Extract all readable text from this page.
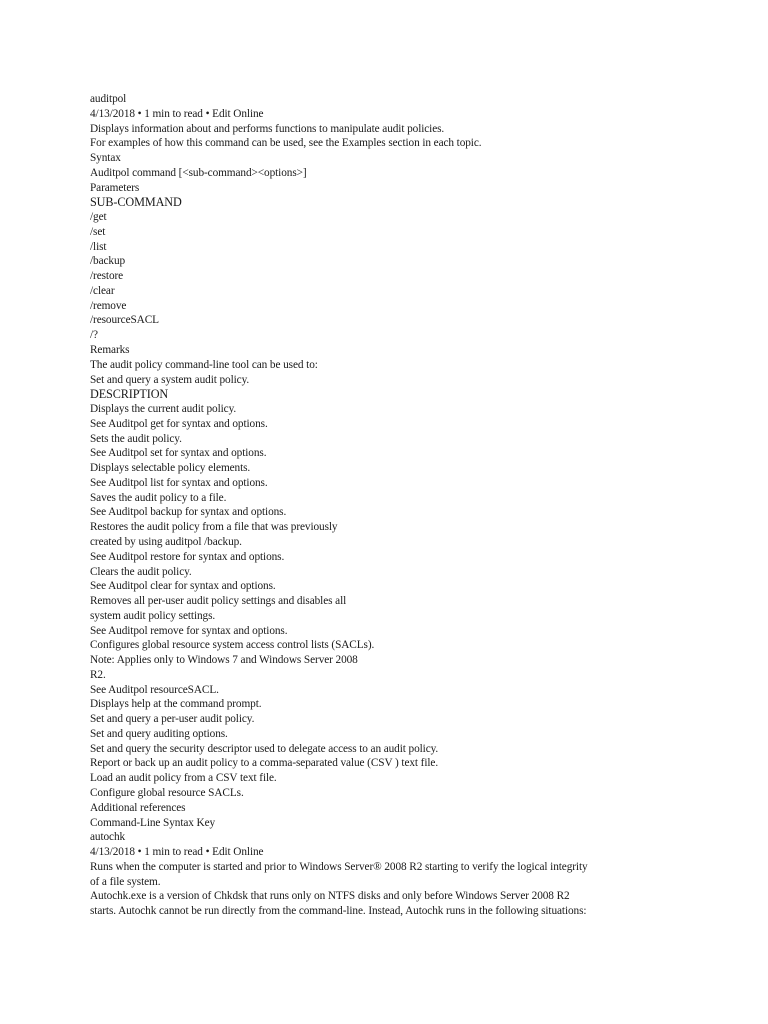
auditpol
4/13/2018 • 1 min to read • Edit Online
Displays information about and performs functions to manipulate audit policies.
For examples of how this command can be used, see the Examples section in each topic.
Syntax
Auditpol command [<sub-command><options>]
Parameters
SUB-COMMAND
/get
/set
/list
/backup
/restore
/clear
/remove
/resourceSACL
/?
Remarks
The audit policy command-line tool can be used to:
Set and query a system audit policy.
DESCRIPTION
Displays the current audit policy.
See Auditpol get for syntax and options.
Sets the audit policy.
See Auditpol set for syntax and options.
Displays selectable policy elements.
See Auditpol list for syntax and options.
Saves the audit policy to a file.
See Auditpol backup for syntax and options.
Restores the audit policy from a file that was previously
created by using auditpol /backup.
See Auditpol restore for syntax and options.
Clears the audit policy.
See Auditpol clear for syntax and options.
Removes all per-user audit policy settings and disables all
system audit policy settings.
See Auditpol remove for syntax and options.
Configures global resource system access control lists (SACLs).
Note: Applies only to Windows 7 and Windows Server 2008
R2.
See Auditpol resourceSACL.
Displays help at the command prompt.
Set and query a per-user audit policy.
Set and query auditing options.
Set and query the security descriptor used to delegate access to an audit policy.
Report or back up an audit policy to a comma-separated value (CSV ) text file.
Load an audit policy from a CSV text file.
Configure global resource SACLs.
Additional references
Command-Line Syntax Key
autochk
4/13/2018 • 1 min to read • Edit Online
Runs when the computer is started and prior to Windows Server® 2008 R2 starting to verify the logical integrity
of a file system.
Autochk.exe is a version of Chkdsk that runs only on NTFS disks and only before Windows Server 2008 R2
starts. Autochk cannot be run directly from the command-line. Instead, Autochk runs in the following situations:
